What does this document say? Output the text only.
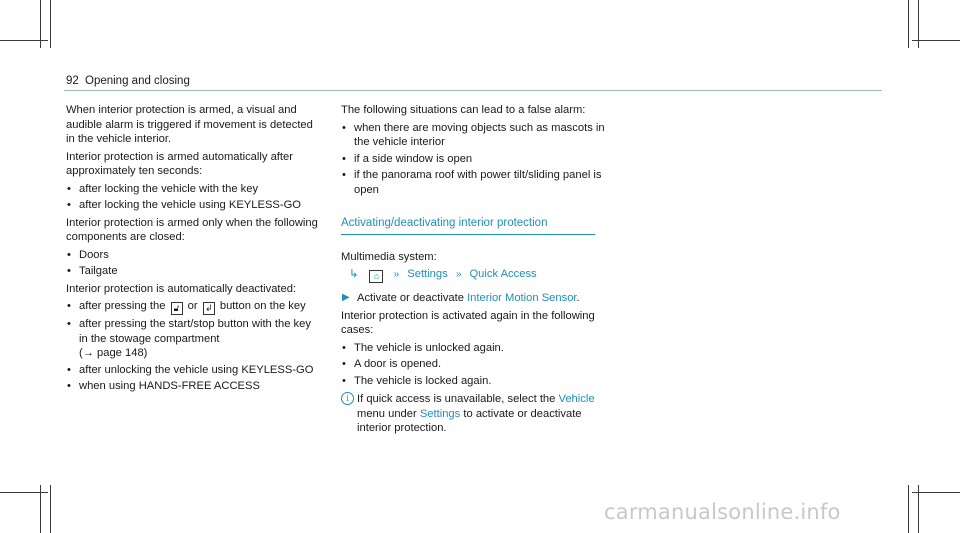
92 Opening and closing

When interior protection is armed, a visual and audible alarm is triggered if movement is detected in the vehicle interior.

Interior protection is armed automatically after approximately ten seconds:

• after locking the vehicle with the key
• after locking the vehicle using KEYLESS-GO

Interior protection is armed only when the following components are closed:

• Doors
• Tailgate

Interior protection is automatically deactivated:

• after pressing the 🔓︎ or ↲ button on the key
• after pressing the start/stop button with the key in the stowage compartment
(→ page 148)
• after unlocking the vehicle using KEYLESS-GO
• when using HANDS-FREE ACCESS

The following situations can lead to a false alarm:

• when there are moving objects such as mascots in the vehicle interior
• if a side window is open
• if the panorama roof with power tilt/sliding panel is open
Activating/deactivating interior protection

Multimedia system:

↳ ⌂ » Settings » Quick Access
▶ Activate or deactivate Interior Motion Sensor.

Interior protection is activated again in the following cases:

• The vehicle is unlocked again.
• A door is opened.
• The vehicle is locked again.
i If quick access is unavailable, select the Vehicle menu under Settings to activate or deactivate interior protection.
carmanualsonline.info
